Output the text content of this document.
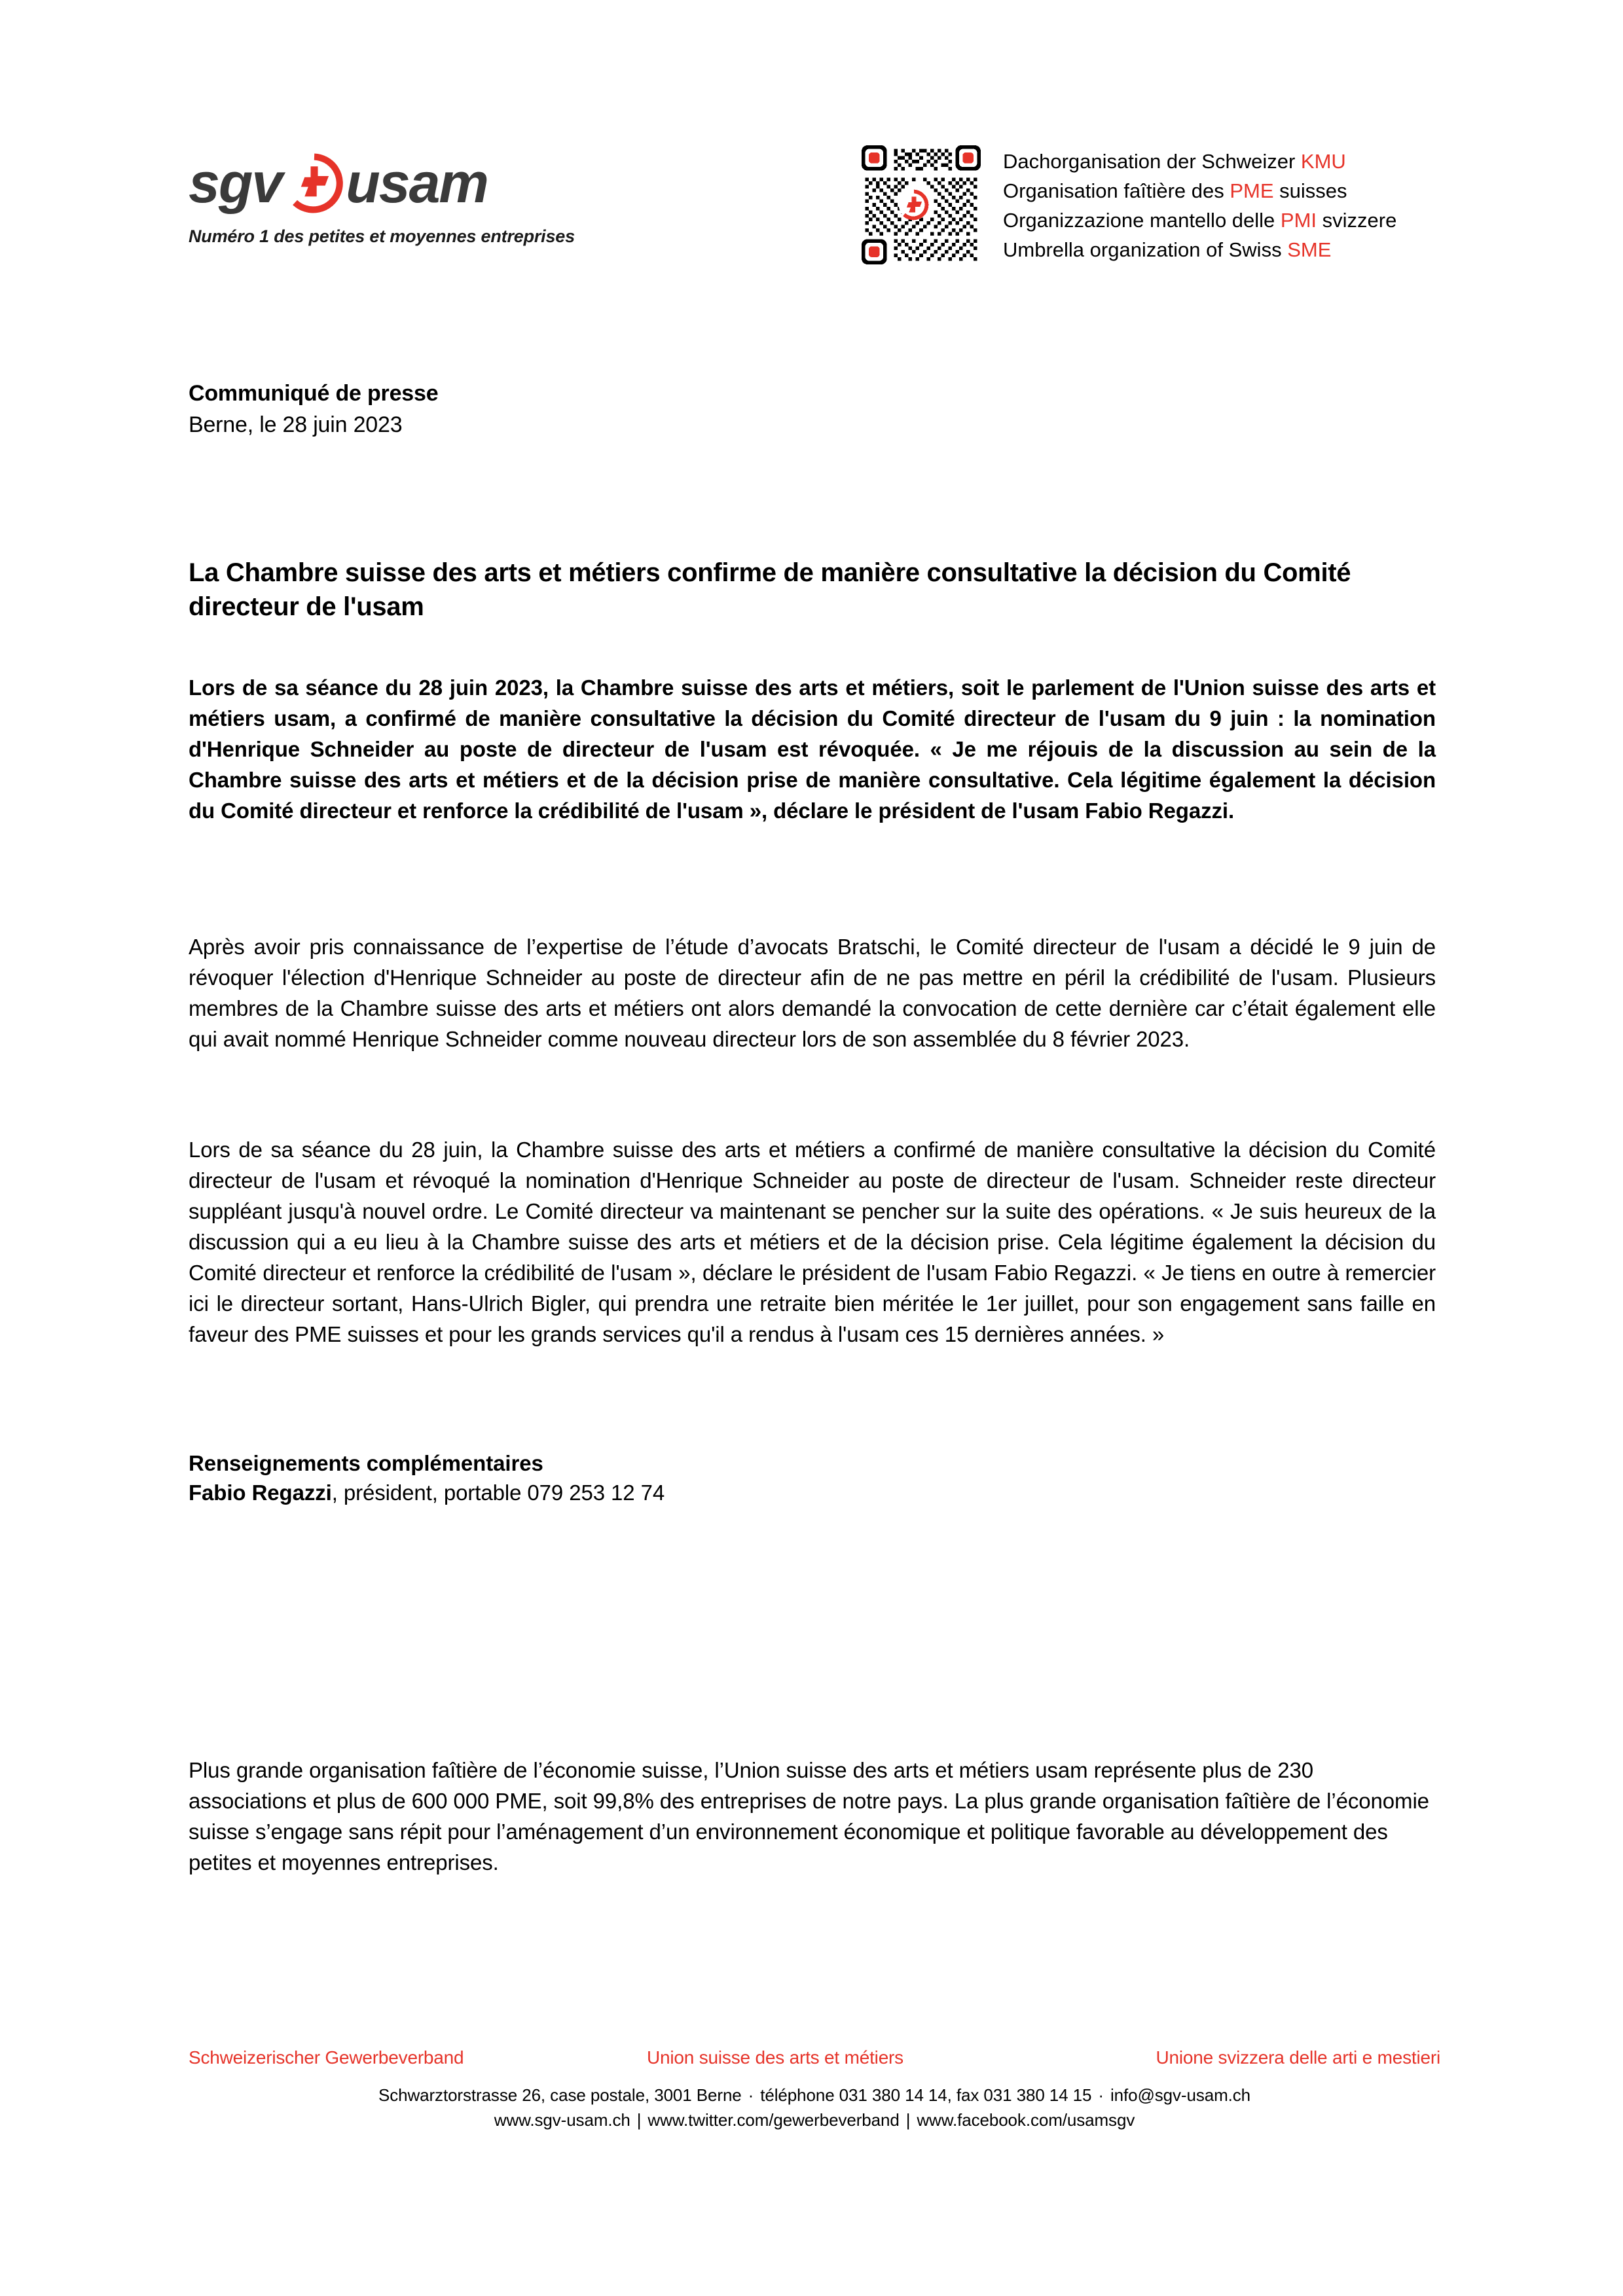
sgv usam
Numéro 1 des petites et moyennes entreprises
Dachorganisation der Schweizer KMU
Organisation faîtière des PME suisses
Organizzazione mantello delle PMI svizzere
Umbrella organization of Swiss SME
Communiqué de presse
Berne, le 28 juin 2023
La Chambre suisse des arts et métiers confirme de manière consultative la décision du Comité directeur de l'usam

Lors de sa séance du 28 juin 2023, la Chambre suisse des arts et métiers, soit le parlement de l'Union suisse des arts et métiers usam, a confirmé de manière consultative la décision du Comité directeur de l'usam du 9 juin : la nomination d'Henrique Schneider au poste de directeur de l'usam est révoquée. « Je me réjouis de la discussion au sein de la Chambre suisse des arts et métiers et de la décision prise de manière consultative. Cela légitime également la décision du Comité directeur et renforce la crédibilité de l'usam », déclare le président de l'usam Fabio Regazzi.

Après avoir pris connaissance de l’expertise de l’étude d’avocats Bratschi, le Comité directeur de l'usam a décidé le 9 juin de révoquer l'élection d'Henrique Schneider au poste de directeur afin de ne pas mettre en péril la crédibilité de l'usam. Plusieurs membres de la Chambre suisse des arts et métiers ont alors demandé la convocation de cette dernière car c’était également elle qui avait nommé Henrique Schneider comme nouveau directeur lors de son assemblée du 8 février 2023.

Lors de sa séance du 28 juin, la Chambre suisse des arts et métiers a confirmé de manière consultative la décision du Comité directeur de l'usam et révoqué la nomination d'Henrique Schneider au poste de directeur de l'usam. Schneider reste directeur suppléant jusqu'à nouvel ordre. Le Comité directeur va maintenant se pencher sur la suite des opérations. « Je suis heureux de la discussion qui a eu lieu à la Chambre suisse des arts et métiers et de la décision prise. Cela légitime également la décision du Comité directeur et renforce la crédibilité de l'usam », déclare le président de l'usam Fabio Regazzi. « Je tiens en outre à remercier ici le directeur sortant, Hans-Ulrich Bigler, qui prendra une retraite bien méritée le 1er juillet, pour son engagement sans faille en faveur des PME suisses et pour les grands services qu'il a rendus à l'usam ces 15 dernières années. »

Renseignements complémentaires
Fabio Regazzi, président, portable 079 253 12 74

Plus grande organisation faîtière de l’économie suisse, l’Union suisse des arts et métiers usam représente plus de 230 associations et plus de 600 000 PME, soit 99,8% des entreprises de notre pays. La plus grande organisation faîtière de l’économie suisse s’engage sans répit pour l’aménagement d’un environnement économique et politique favorable au développement des petites et moyennes entreprises.

Schweizerischer Gewerbeverband	Union suisse des arts et métiers	Unione svizzera delle arti e mestieri
Schwarztorstrasse 26, case postale, 3001 Berne · téléphone 031 380 14 14, fax 031 380 14 15 · info@sgv-usam.ch
www.sgv-usam.ch | www.twitter.com/gewerbeverband | www.facebook.com/usamsgv
